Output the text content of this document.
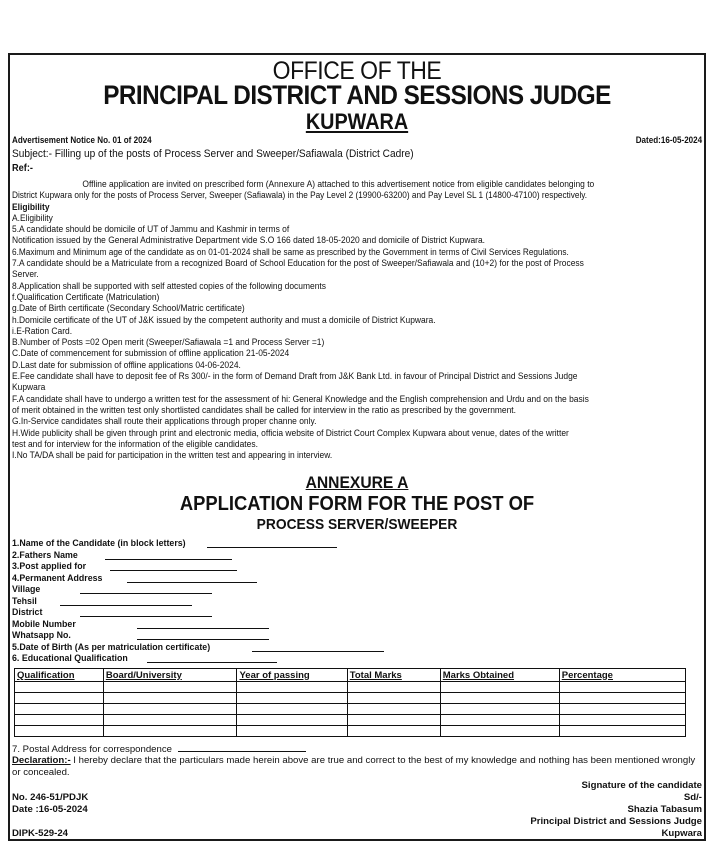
OFFICE OF THE
PRINCIPAL DISTRICT AND SESSIONS JUDGE
KUPWARA
Advertisement Notice No. 01 of 2024	Dated:16-05-2024
Subject:- Filling up of the posts of Process Server and Sweeper/Safiawala (District Cadre)
Ref:-
Offline application are invited on prescribed form (Annexure A) attached to this advertisement notice from eligible candidates belonging to
District Kupwara only for the posts of Process Server, Sweeper (Safiawala) in the Pay Level 2 (19900-63200) and Pay Level SL 1 (14800-47100) respectively.
Eligibility
A.Eligibility
5.A candidate should be domicile of UT of Jammu and Kashmir in terms of
Notification issued by the General Administrative Department vide S.O 166 dated 18-05-2020 and domicile of District Kupwara.
6.Maximum and Minimum age of the candidate as on 01-01-2024 shall be same as prescribed by the Government in terms of Civil Services Regulations.
7.A candidate should be a Matriculate from a recognized Board of School Education for the post of Sweeper/Safiawala and (10+2) for the post of Process
Server.
8.Application shall be supported with self attested copies of the following documents
f.Qualification Certificate (Matriculation)
g.Date of Birth certificate (Secondary School/Matric certificate)
h.Domicile certificate of the UT of J&K issued by the competent authority and must a domicile of District Kupwara.
i.E-Ration Card.
B.Number of Posts =02 Open merit (Sweeper/Safiawala =1 and Process Server =1)
C.Date of commencement for submission of offline application 21-05-2024
D.Last date for submission of offline applications 04-06-2024.
E.Fee candidate shall have to deposit fee of Rs 300/- in the form of Demand Draft from J&K Bank Ltd. in favour of Principal District and Sessions Judge
Kupwara
F.A candidate shall have to undergo a written test for the assessment of hi: General Knowledge and the English comprehension and Urdu and on the basis
of merit obtained in the written test only shortlisted candidates shall be called for interview in the ratio as prescribed by the government.
G.In-Service candidates shall route their applications through proper channe only.
H.Wide publicity shall be given through print and electronic media, officia website of District Court Complex Kupwara about venue, dates of the writter
test and for interview for the information of the eligible candidates.
I.No TA/DA shall be paid for participation in the written test and appearing in interview.
ANNEXURE A
APPLICATION FORM FOR THE POST OF
PROCESS SERVER/SWEEPER
1.Name of the Candidate (in block letters)
2.Fathers Name
3.Post applied for
4.Permanent Address
Village
Tehsil
District
Mobile Number
Whatsapp No.
5.Date of Birth (As per matriculation certificate)
6. Educational Qualification
Qualification	Board/University	Year of passing	Total Marks	Marks Obtained	Percentage

7. Postal Address for correspondence
Declaration:- I hereby declare that the particulars made herein above are true and correct to the best of my knowledge and nothing has been mentioned wrongly or concealed.
Signature of the candidate
Sd/-
Shazia Tabasum
Principal District and Sessions Judge
Kupwara
No. 246-51/PDJK
Date :16-05-2024
DIPK-529-24
